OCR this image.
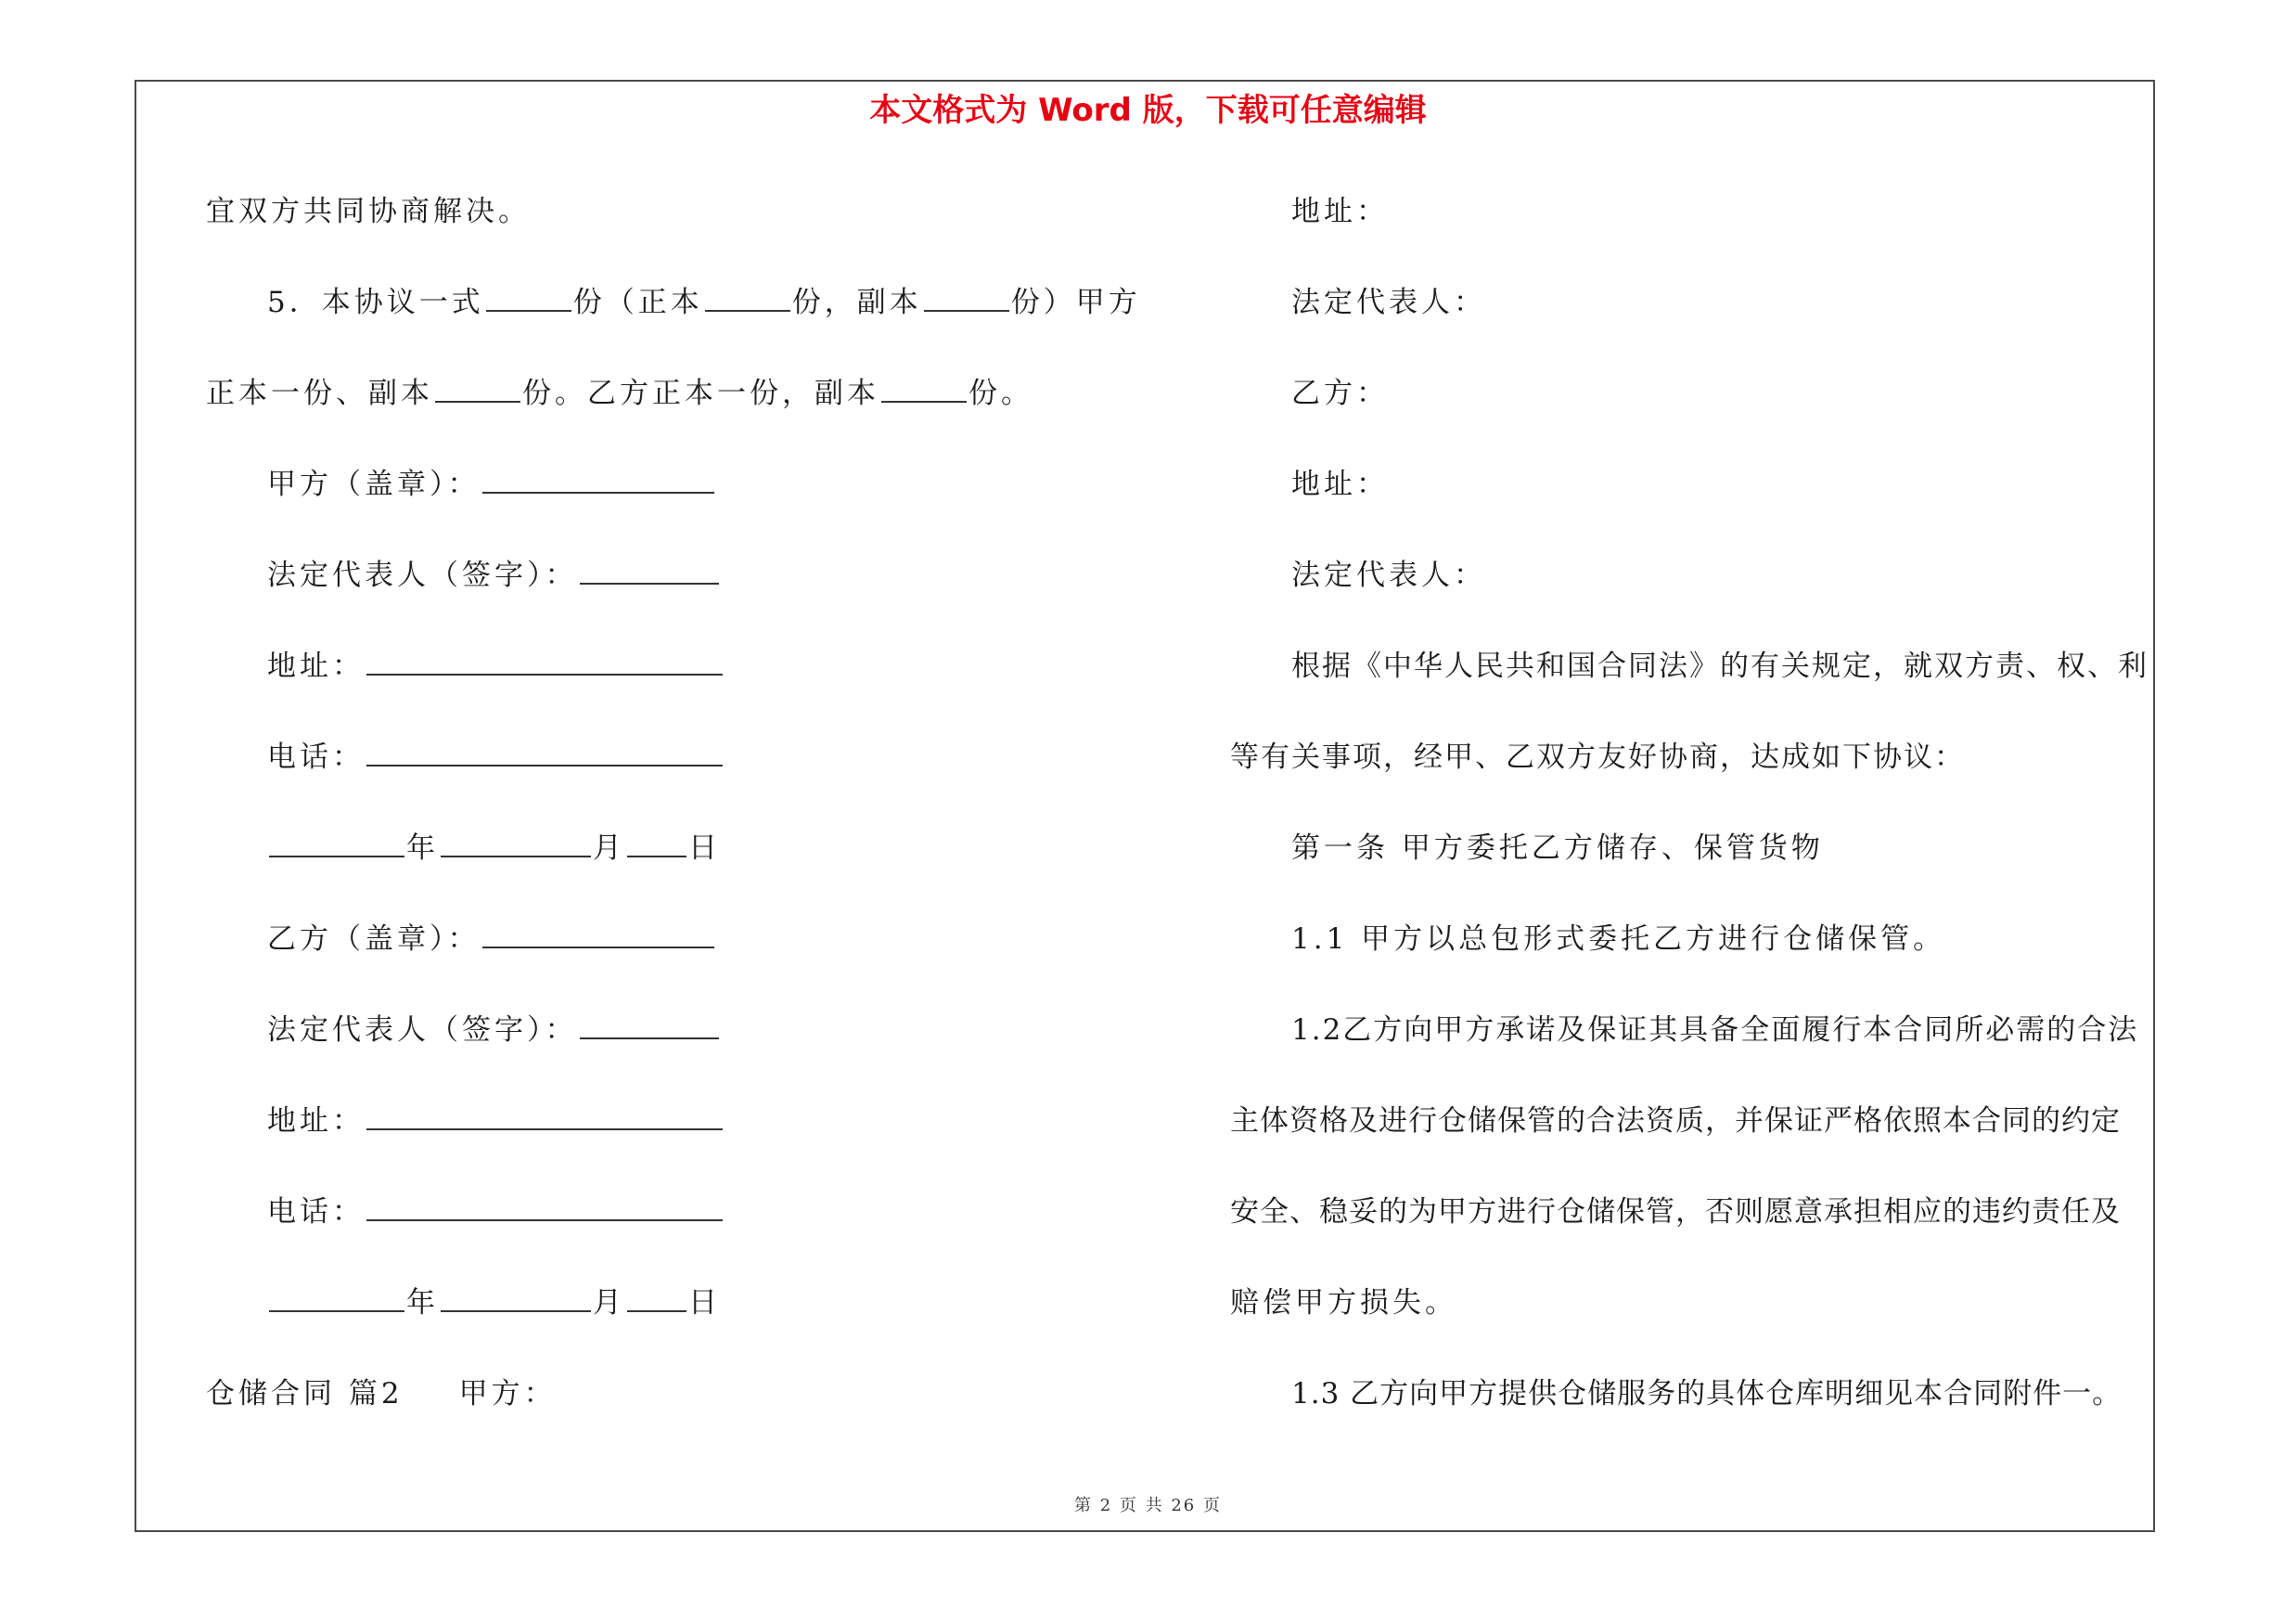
本文格式为 Word 版，下载可任意编辑
宜双方共同协商解决。
5．本协议一式	份（正本	份，副本	份）甲方
正本一份、副本	份。乙方正本一份，副本	份。
甲方（盖章）：
法定代表人（签字）：
地址：
电话：
年	月 日
乙方（盖章）：
法定代表人（签字）：
地址：
电话：
年	月 日
仓储合同 篇2 甲方：
地址：
法定代表人：
乙方：
地址：
法定代表人：
根据《中华人民共和国合同法》的有关规定，就双方责、权、利
等有关事项，经甲、乙双方友好协商，达成如下协议：
第一条 甲方委托乙方储存、保管货物
1.1 甲方以总包形式委托乙方进行仓储保管。
1.2乙方向甲方承诺及保证其具备全面履行本合同所必需的合法
主体资格及进行仓储保管的合法资质，并保证严格依照本合同的约定
安全、稳妥的为甲方进行仓储保管，否则愿意承担相应的违约责任及
赔偿甲方损失。
1.3 乙方向甲方提供仓储服务的具体仓库明细见本合同附件一。
第 2 页 共 26 页
